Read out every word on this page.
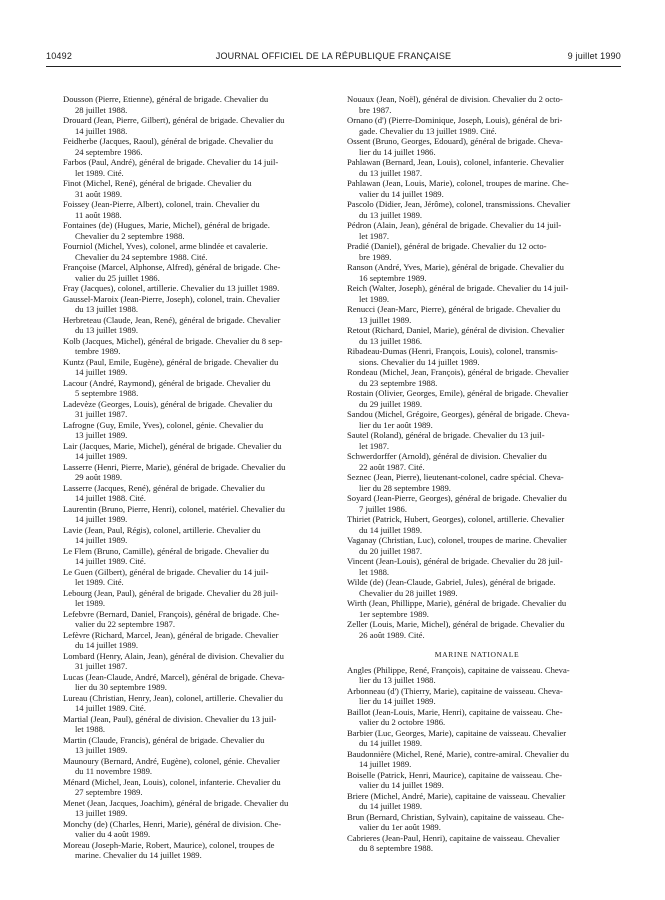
10492	JOURNAL OFFICIEL DE LA RÉPUBLIQUE FRANÇAISE	9 juillet 1990
Dousson (Pierre, Etienne), général de brigade. Chevalier du
28 juillet 1988.
Drouard (Jean, Pierre, Gilbert), général de brigade. Chevalier du
14 juillet 1988.
Feidherbe (Jacques, Raoul), général de brigade. Chevalier du
24 septembre 1986.
Farbos (Paul, André), général de brigade. Chevalier du 14 juil-
let 1989. Cité.
Finot (Michel, René), général de brigade. Chevalier du
31 août 1989.
Foissey (Jean-Pierre, Albert), colonel, train. Chevalier du
11 août 1988.
Fontaines (de) (Hugues, Marie, Michel), général de brigade.
Chevalier du 2 septembre 1988.
Fourniol (Michel, Yves), colonel, arme blindée et cavalerie.
Chevalier du 24 septembre 1988. Cité.
Françoise (Marcel, Alphonse, Alfred), général de brigade. Che-
valier du 25 juillet 1986.
Fray (Jacques), colonel, artillerie. Chevalier du 13 juillet 1989.
Gaussel-Maroix (Jean-Pierre, Joseph), colonel, train. Chevalier
du 13 juillet 1988.
Herbreteau (Claude, Jean, René), général de brigade. Chevalier
du 13 juillet 1989.
Kolb (Jacques, Michel), général de brigade. Chevalier du 8 sep-
tembre 1989.
Kuntz (Paul, Emile, Eugène), général de brigade. Chevalier du
14 juillet 1989.
Lacour (André, Raymond), général de brigade. Chevalier du
5 septembre 1988.
Ladevèze (Georges, Louis), général de brigade. Chevalier du
31 juillet 1987.
Lafrogne (Guy, Emile, Yves), colonel, génie. Chevalier du
13 juillet 1989.
Lair (Jacques, Marie, Michel), général de brigade. Chevalier du
14 juillet 1989.
Lasserre (Henri, Pierre, Marie), général de brigade. Chevalier du
29 août 1989.
Lasserre (Jacques, René), général de brigade. Chevalier du
14 juillet 1988. Cité.
Laurentin (Bruno, Pierre, Henri), colonel, matériel. Chevalier du
14 juillet 1989.
Lavie (Jean, Paul, Régis), colonel, artillerie. Chevalier du
14 juillet 1989.
Le Flem (Bruno, Camille), général de brigade. Chevalier du
14 juillet 1989. Cité.
Le Guen (Gilbert), général de brigade. Chevalier du 14 juil-
let 1989. Cité.
Lebourg (Jean, Paul), général de brigade. Chevalier du 28 juil-
let 1989.
Lefebvre (Bernard, Daniel, François), général de brigade. Che-
valier du 22 septembre 1987.
Lefèvre (Richard, Marcel, Jean), général de brigade. Chevalier
du 14 juillet 1989.
Lombard (Henry, Alain, Jean), général de division. Chevalier du
31 juillet 1987.
Lucas (Jean-Claude, André, Marcel), général de brigade. Cheva-
lier du 30 septembre 1989.
Lureau (Christian, Henry, Jean), colonel, artillerie. Chevalier du
14 juillet 1989. Cité.
Martial (Jean, Paul), général de division. Chevalier du 13 juil-
let 1988.
Martin (Claude, Francis), général de brigade. Chevalier du
13 juillet 1989.
Maunoury (Bernard, André, Eugène), colonel, génie. Chevalier
du 11 novembre 1989.
Ménard (Michel, Jean, Louis), colonel, infanterie. Chevalier du
27 septembre 1989.
Menet (Jean, Jacques, Joachim), général de brigade. Chevalier du
13 juillet 1989.
Monchy (de) (Charles, Henri, Marie), général de division. Che-
valier du 4 août 1989.
Moreau (Joseph-Marie, Robert, Maurice), colonel, troupes de
marine. Chevalier du 14 juillet 1989.
Nouaux (Jean, Noël), général de division. Chevalier du 2 octo-
bre 1987.
Ornano (d') (Pierre-Dominique, Joseph, Louis), général de bri-
gade. Chevalier du 13 juillet 1989. Cité.
Ossent (Bruno, Georges, Edouard), général de brigade. Cheva-
lier du 14 juillet 1986.
Pahlawan (Bernard, Jean, Louis), colonel, infanterie. Chevalier
du 13 juillet 1987.
Pahlawan (Jean, Louis, Marie), colonel, troupes de marine. Che-
valier du 14 juillet 1989.
Pascolo (Didier, Jean, Jérôme), colonel, transmissions. Chevalier
du 13 juillet 1989.
Pédron (Alain, Jean), général de brigade. Chevalier du 14 juil-
let 1987.
Pradié (Daniel), général de brigade. Chevalier du 12 octo-
bre 1989.
Ranson (André, Yves, Marie), général de brigade. Chevalier du
16 septembre 1989.
Reich (Walter, Joseph), général de brigade. Chevalier du 14 juil-
let 1989.
Renucci (Jean-Marc, Pierre), général de brigade. Chevalier du
13 juillet 1989.
Retout (Richard, Daniel, Marie), général de division. Chevalier
du 13 juillet 1986.
Ribadeau-Dumas (Henri, François, Louis), colonel, transmis-
sions. Chevalier du 14 juillet 1989.
Rondeau (Michel, Jean, François), général de brigade. Chevalier
du 23 septembre 1988.
Rostain (Olivier, Georges, Emile), général de brigade. Chevalier
du 29 juillet 1989.
Sandou (Michel, Grégoire, Georges), général de brigade. Cheva-
lier du 1er août 1989.
Sautel (Roland), général de brigade. Chevalier du 13 juil-
let 1987.
Schwerdorffer (Arnold), général de division. Chevalier du
22 août 1987. Cité.
Seznec (Jean, Pierre), lieutenant-colonel, cadre spécial. Cheva-
lier du 28 septembre 1989.
Soyard (Jean-Pierre, Georges), général de brigade. Chevalier du
7 juillet 1986.
Thiriet (Patrick, Hubert, Georges), colonel, artillerie. Chevalier
du 14 juillet 1989.
Vaganay (Christian, Luc), colonel, troupes de marine. Chevalier
du 20 juillet 1987.
Vincent (Jean-Louis), général de brigade. Chevalier du 28 juil-
let 1988.
Wilde (de) (Jean-Claude, Gabriel, Jules), général de brigade.
Chevalier du 28 juillet 1989.
Wirth (Jean, Phillippe, Marie), général de brigade. Chevalier du
1er septembre 1989.
Zeller (Louis, Marie, Michel), général de brigade. Chevalier du
26 août 1989. Cité.
MARINE NATIONALE
Angles (Philippe, René, François), capitaine de vaisseau. Cheva-
lier du 13 juillet 1988.
Arbonneau (d') (Thierry, Marie), capitaine de vaisseau. Cheva-
lier du 14 juillet 1989.
Baillot (Jean-Louis, Marie, Henri), capitaine de vaisseau. Che-
valier du 2 octobre 1986.
Barbier (Luc, Georges, Marie), capitaine de vaisseau. Chevalier
du 14 juillet 1989.
Baudonnière (Michel, René, Marie), contre-amiral. Chevalier du
14 juillet 1989.
Boiselle (Patrick, Henri, Maurice), capitaine de vaisseau. Che-
valier du 14 juillet 1989.
Briere (Michel, André, Marie), capitaine de vaisseau. Chevalier
du 14 juillet 1989.
Brun (Bernard, Christian, Sylvain), capitaine de vaisseau. Che-
valier du 1er août 1989.
Cabrieres (Jean-Paul, Henri), capitaine de vaisseau. Chevalier
du 8 septembre 1988.
